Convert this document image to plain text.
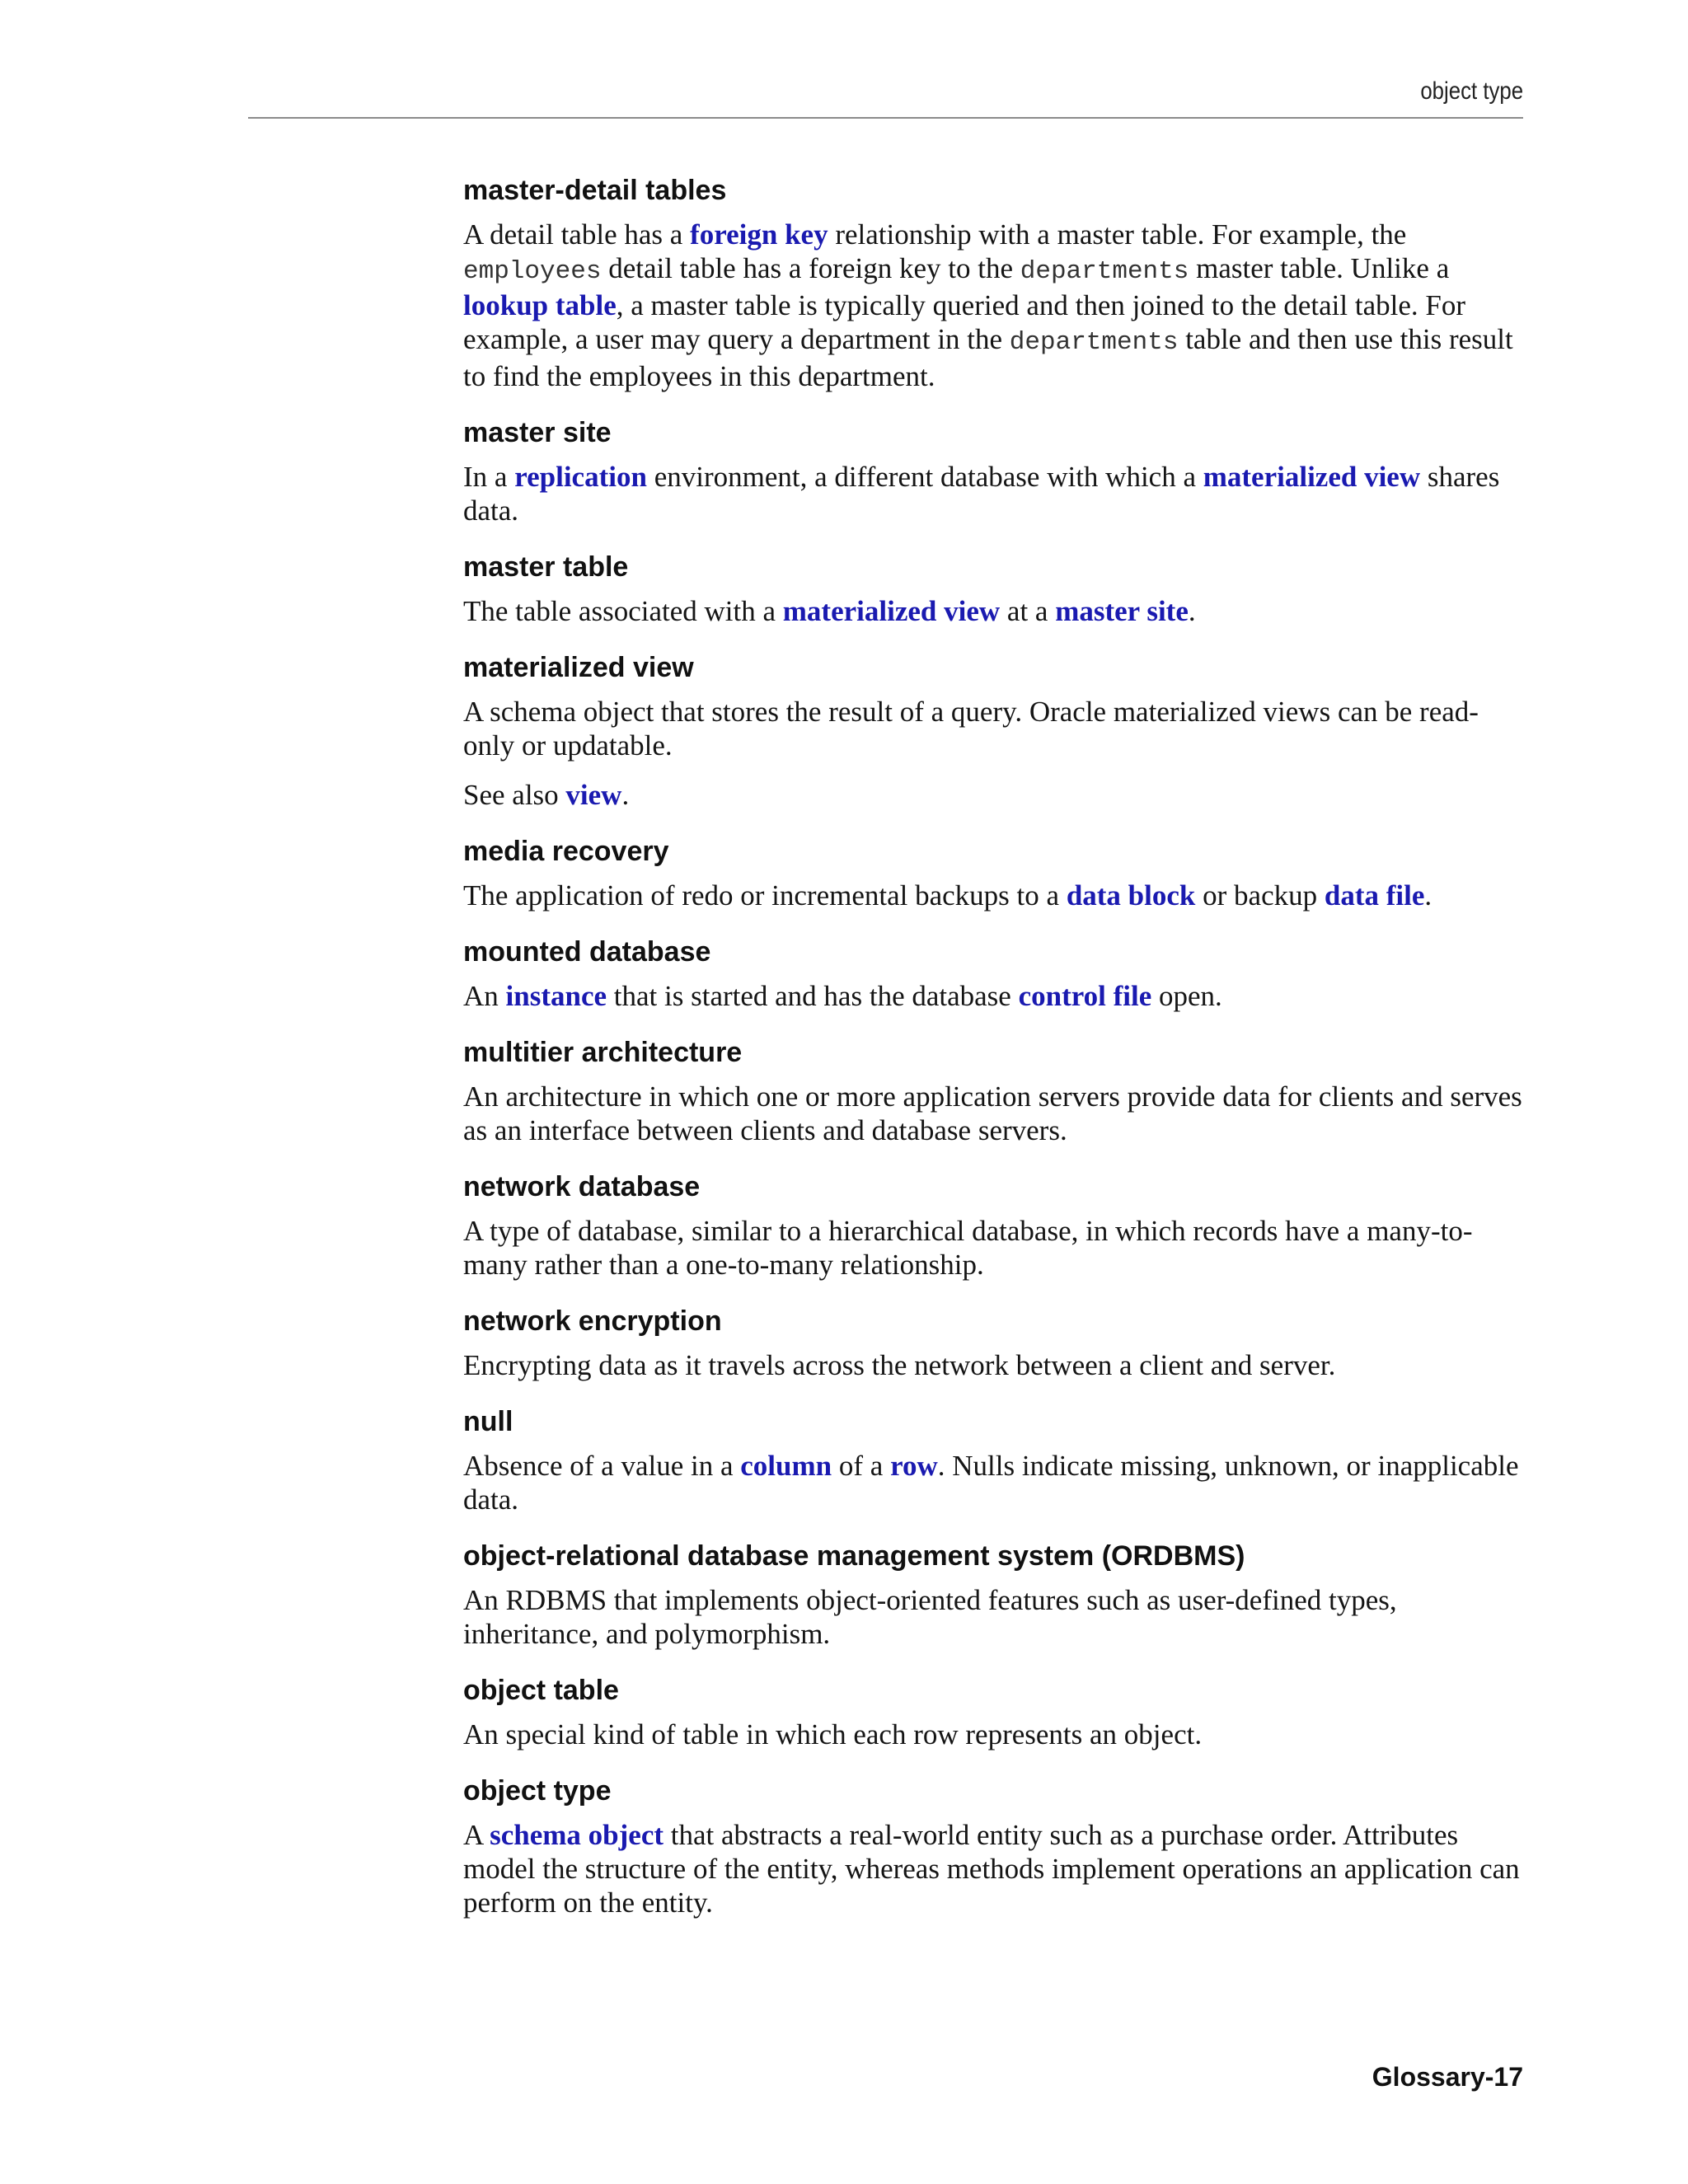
object type
master-detail tables

A detail table has a foreign key relationship with a master table. For example, the employees detail table has a foreign key to the departments master table. Unlike a lookup table, a master table is typically queried and then joined to the detail table. For example, a user may query a department in the departments table and then use this result to find the employees in this department.

master site

In a replication environment, a different database with which a materialized view shares data.

master table

The table associated with a materialized view at a master site.

materialized view

A schema object that stores the result of a query. Oracle materialized views can be read-only or updatable.

See also view.

media recovery

The application of redo or incremental backups to a data block or backup data file.

mounted database

An instance that is started and has the database control file open.

multitier architecture

An architecture in which one or more application servers provide data for clients and serves as an interface between clients and database servers.

network database

A type of database, similar to a hierarchical database, in which records have a many-to-many rather than a one-to-many relationship.

network encryption

Encrypting data as it travels across the network between a client and server.

null

Absence of a value in a column of a row. Nulls indicate missing, unknown, or inapplicable data.

object-relational database management system (ORDBMS)

An RDBMS that implements object-oriented features such as user-defined types, inheritance, and polymorphism.

object table

An special kind of table in which each row represents an object.

object type

A schema object that abstracts a real-world entity such as a purchase order. Attributes model the structure of the entity, whereas methods implement operations an application can perform on the entity.

Glossary-17
